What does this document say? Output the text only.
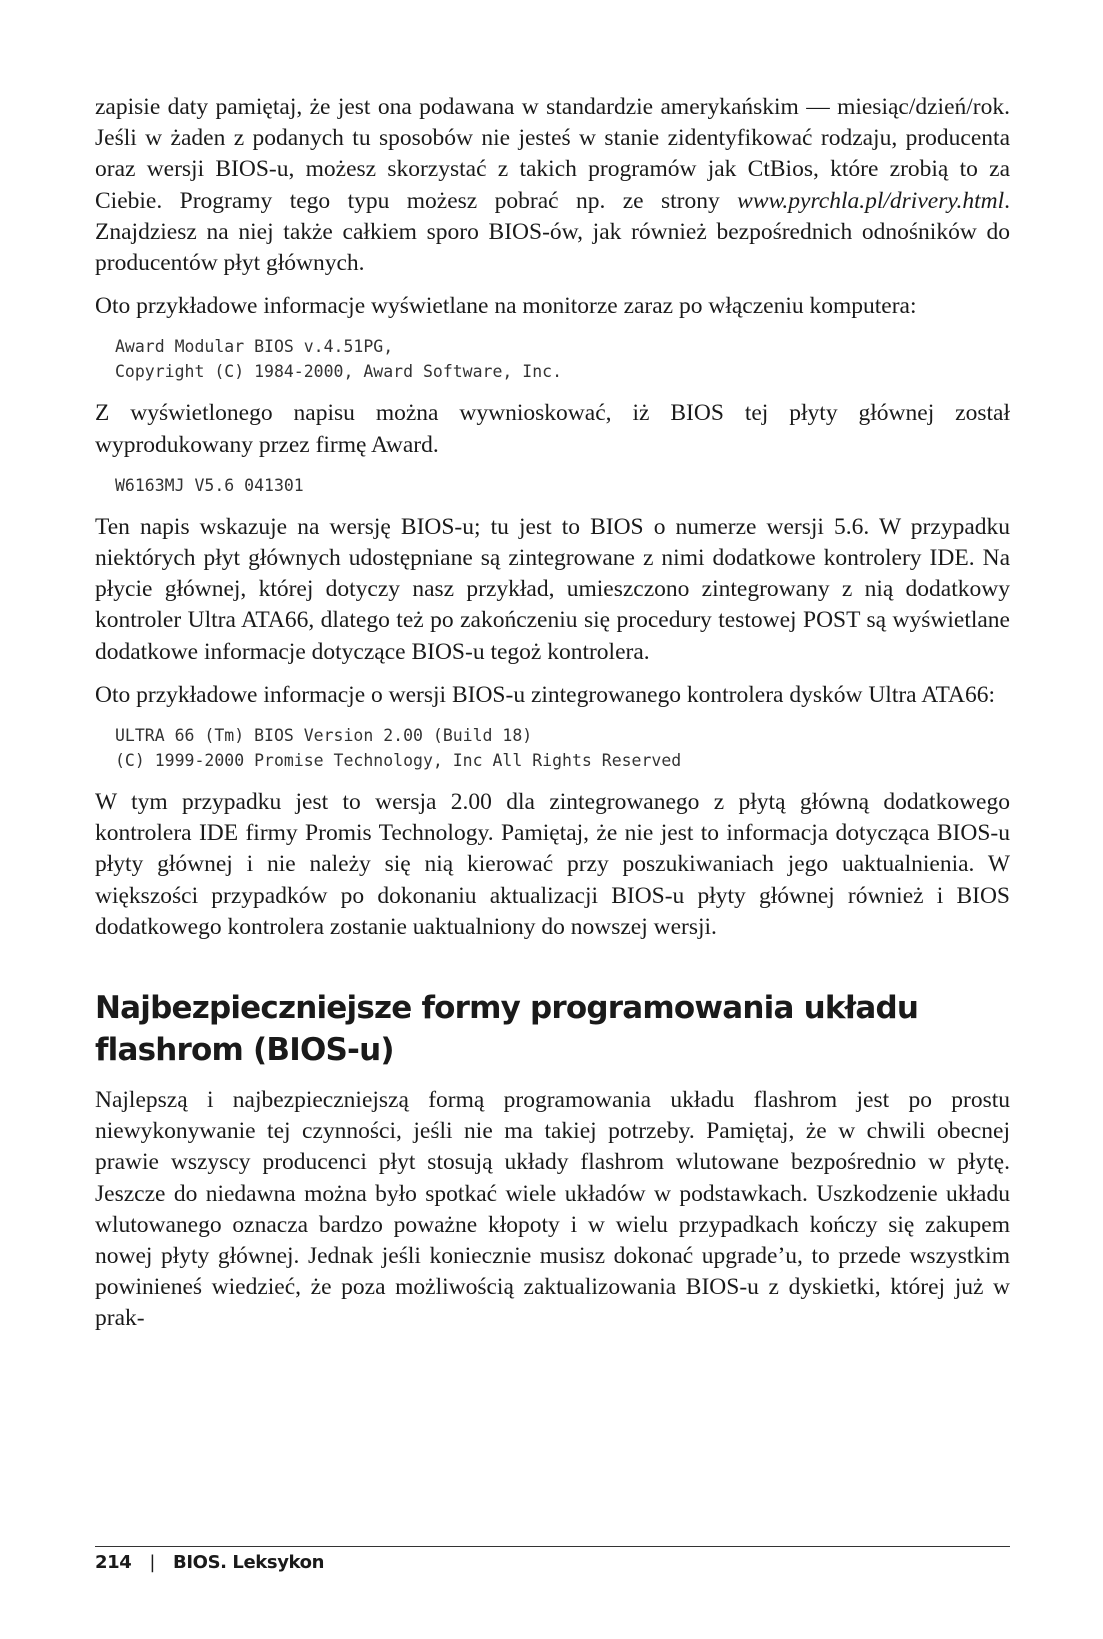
zapisie daty pamiętaj, że jest ona podawana w standardzie amerykańskim — miesiąc/dzień/rok. Jeśli w żaden z podanych tu sposobów nie jesteś w stanie zidentyfikować rodzaju, producenta oraz wersji BIOS-u, możesz skorzystać z takich programów jak CtBios, które zrobią to za Ciebie. Programy tego typu możesz pobrać np. ze strony www.pyrchla.pl/drivery.html. Znajdziesz na niej także całkiem sporo BIOS-ów, jak również bezpośrednich odnośników do producentów płyt głównych.

Oto przykładowe informacje wyświetlane na monitorze zaraz po włączeniu komputera:

Award Modular BIOS v.4.51PG,
Copyright (C) 1984-2000, Award Software, Inc.

Z wyświetlonego napisu można wywnioskować, iż BIOS tej płyty głównej został wyprodukowany przez firmę Award.

W6163MJ V5.6 041301

Ten napis wskazuje na wersję BIOS-u; tu jest to BIOS o numerze wersji 5.6. W przypadku niektórych płyt głównych udostępniane są zintegrowane z nimi dodatkowe kontrolery IDE. Na płycie głównej, której dotyczy nasz przykład, umieszczono zintegrowany z nią dodatkowy kontroler Ultra ATA66, dlatego też po zakończeniu się procedury testowej POST są wyświetlane dodatkowe informacje dotyczące BIOS-u tegoż kontrolera.

Oto przykładowe informacje o wersji BIOS-u zintegrowanego kontrolera dysków Ultra ATA66:

ULTRA 66 (Tm) BIOS Version 2.00 (Build 18)
(C) 1999-2000 Promise Technology, Inc All Rights Reserved

W tym przypadku jest to wersja 2.00 dla zintegrowanego z płytą główną dodatkowego kontrolera IDE firmy Promis Technology. Pamiętaj, że nie jest to informacja dotycząca BIOS-u płyty głównej i nie należy się nią kierować przy poszukiwaniach jego uaktualnienia. W większości przypadków po dokonaniu aktualizacji BIOS-u płyty głównej również i BIOS dodatkowego kontrolera zostanie uaktualniony do nowszej wersji.

Najbezpieczniejsze formy programowania układu flashrom (BIOS-u)

Najlepszą i najbezpieczniejszą formą programowania układu flashrom jest po prostu niewykonywanie tej czynności, jeśli nie ma takiej potrzeby. Pamiętaj, że w chwili obecnej prawie wszyscy producenci płyt stosują układy flashrom wlutowane bezpośrednio w płytę. Jeszcze do niedawna można było spotkać wiele układów w podstawkach. Uszkodzenie układu wlutowanego oznacza bardzo poważne kłopoty i w wielu przypadkach kończy się zakupem nowej płyty głównej. Jednak jeśli koniecznie musisz dokonać upgrade’u, to przede wszystkim powinieneś wiedzieć, że poza możliwością zaktualizowania BIOS-u z dyskietki, której już w prak-

214 | BIOS. Leksykon
